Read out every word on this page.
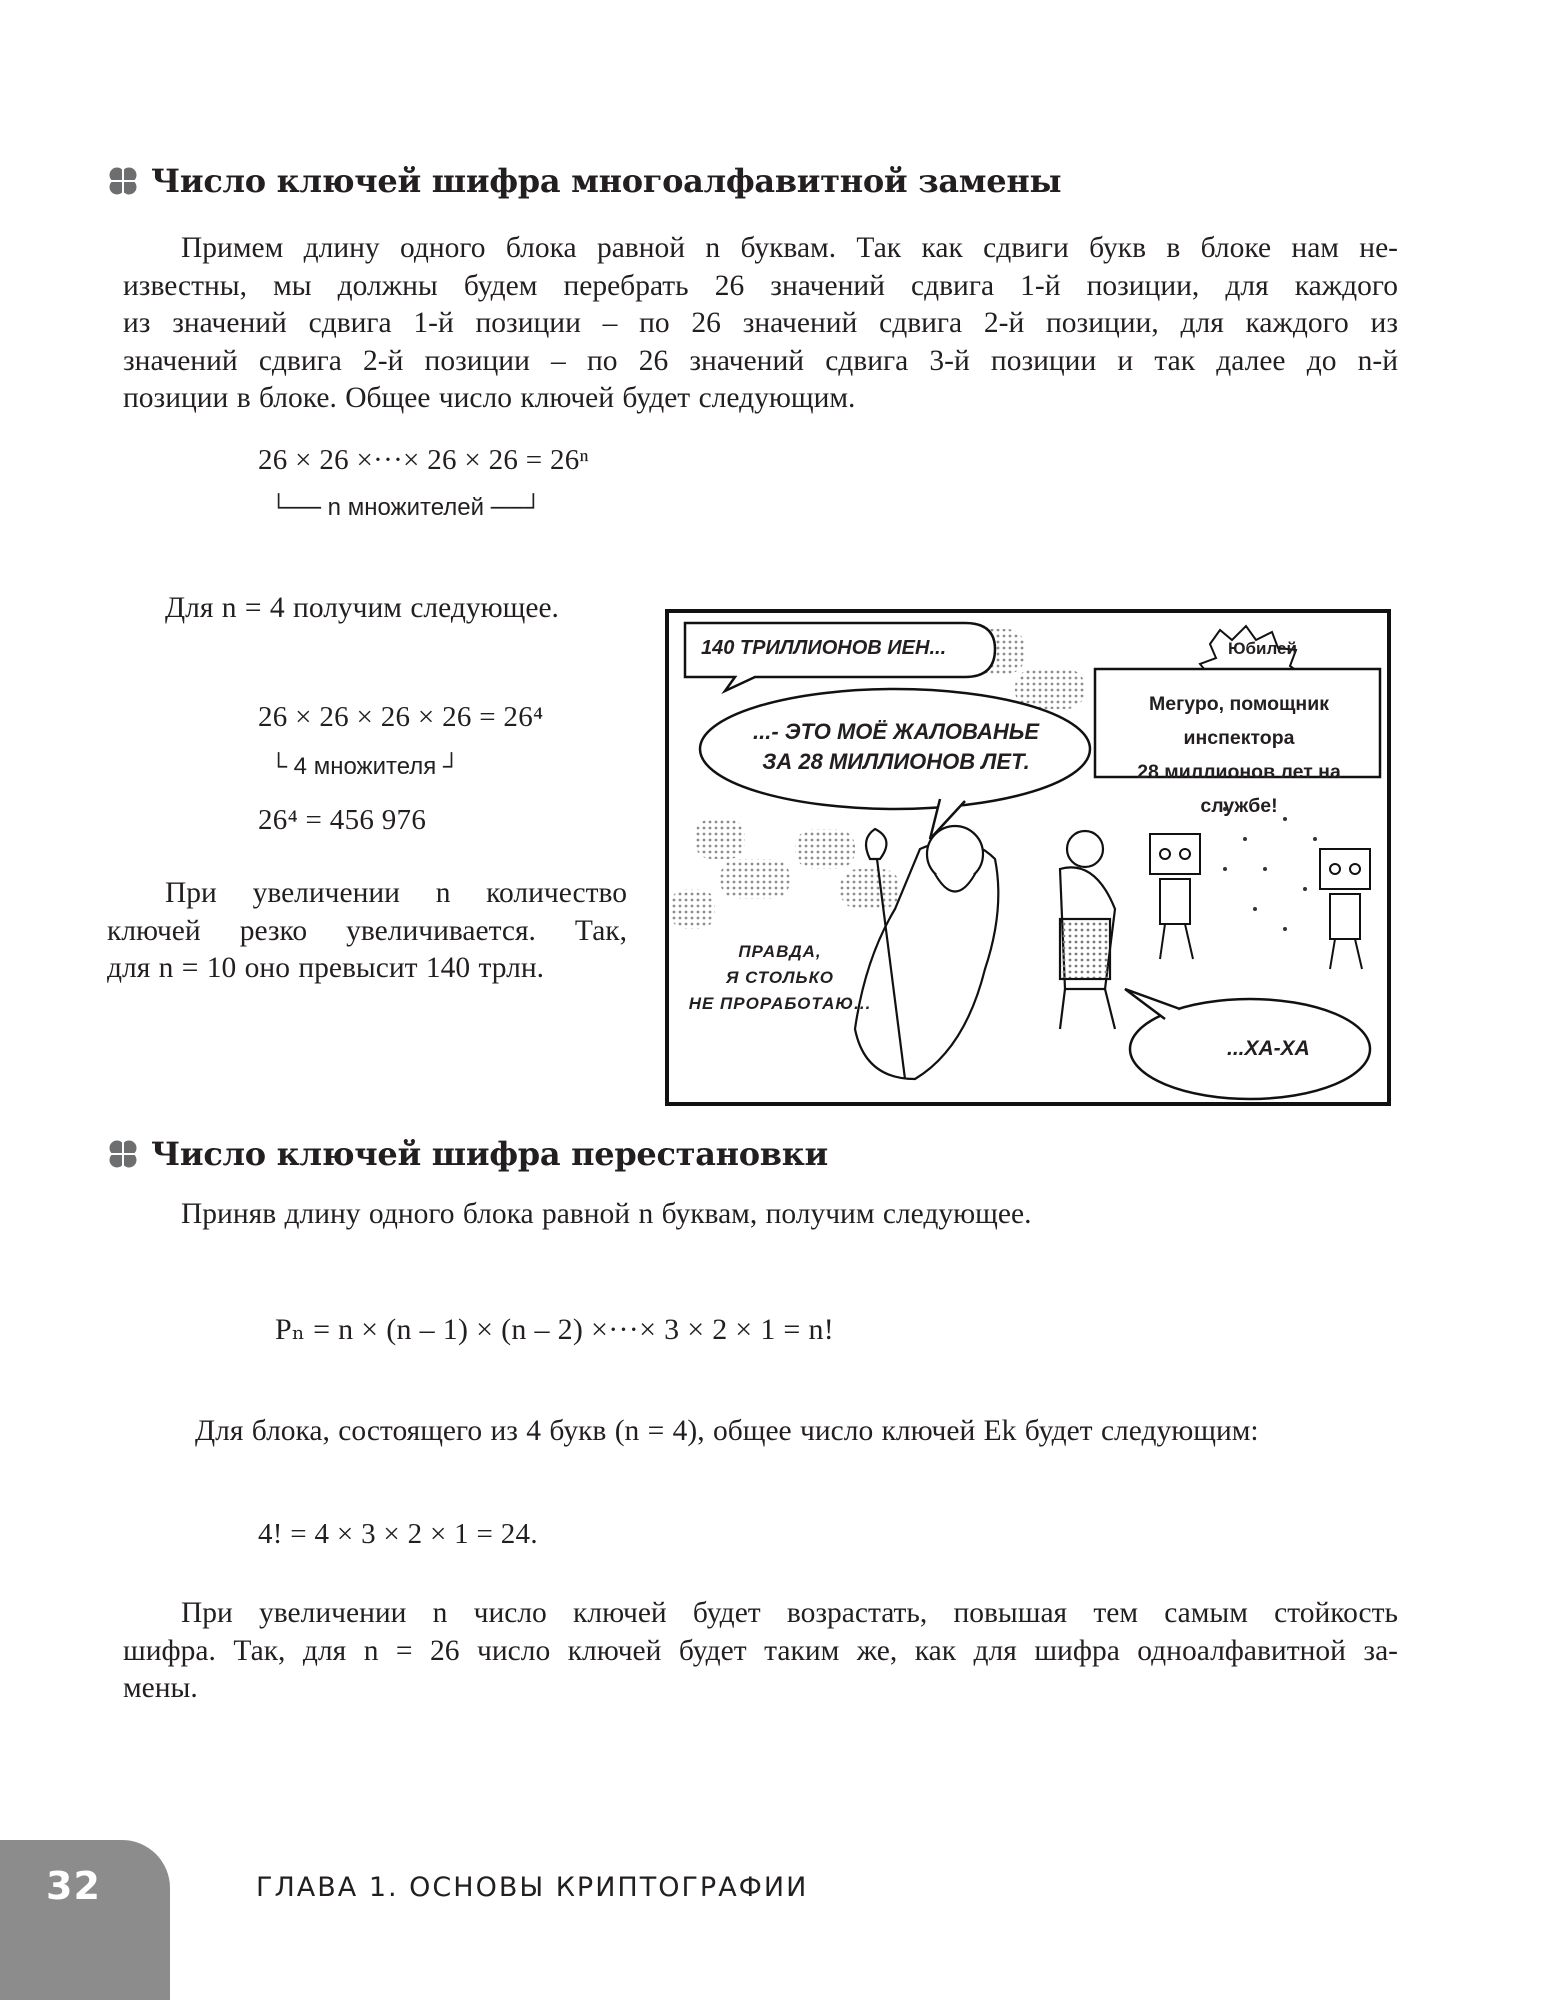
Число ключей шифра многоалфавитной замены
Примем длину одного блока равной n буквам. Так как сдвиги букв в блоке нам не-
известны, мы должны будем перебрать 26 значений сдвига 1-й позиции, для каждого
из значений сдвига 1-й позиции – по 26 значений сдвига 2-й позиции, для каждого из
значений сдвига 2-й позиции – по 26 значений сдвига 3-й позиции и так далее до n-й
позиции в блоке. Общее число ключей будет следующим.
26 × 26 ×···× 26 × 26 = 26ⁿ
└── n множителей ──┘
Для n = 4 получим следующее.
26 × 26 × 26 × 26 = 26⁴
└ 4 множителя ┘
26⁴ = 456 976
При увеличении n количество
ключей резко увеличивается. Так,
для n = 10 оно превысит 140 трлн.
140 ТРИЛЛИОНОВ ИЕН...
...- ЭТО МОЁ ЖАЛОВАНЬЕ
ЗА 28 МИЛЛИОНОВ ЛЕТ.
Юбилей
Мегуро, помощник инспектора
28 миллионов лет на службе!
ПРАВДА,
Я СТОЛЬКО
НЕ ПРОРАБОТАЮ...
...ХА-ХА
Число ключей шифра перестановки
Приняв длину одного блока равной n буквам, получим следующее.
Pₙ = n × (n – 1) × (n – 2) ×···× 3 × 2 × 1 = n!
Для блока, состоящего из 4 букв (n = 4), общее число ключей Ek будет следующим:
4! = 4 × 3 × 2 × 1 = 24.
При увеличении n число ключей будет возрастать, повышая тем самым стойкость
шифра. Так, для n = 26 число ключей будет таким же, как для шифра одноалфавитной за-
мены.
32	ГЛАВА 1. ОСНОВЫ КРИПТОГРАФИИ
